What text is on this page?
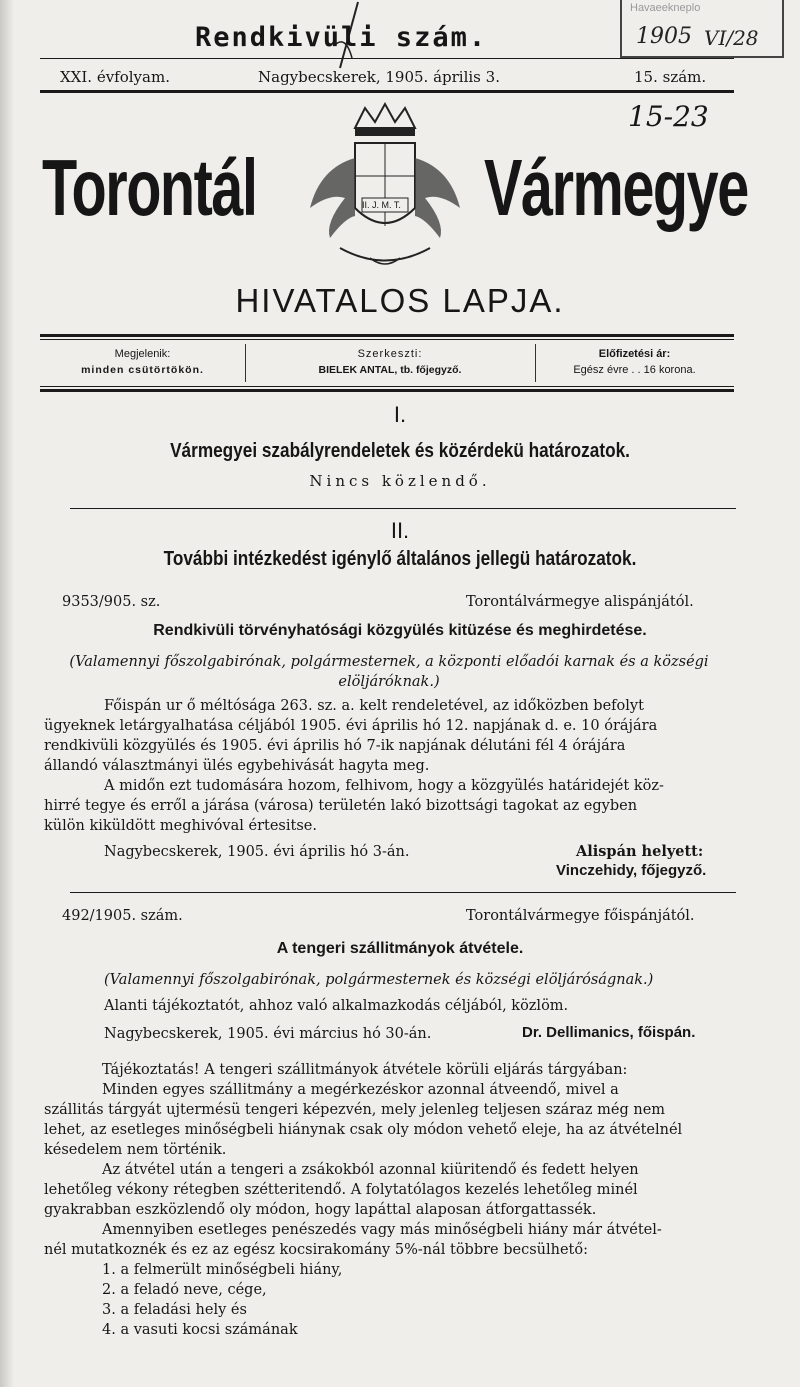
Rendkivüli szám.
Havaeekneplo
1905 VI/28
XXI. évfolyam.	Nagybecskerek, 1905. április 3.	15. szám.
15-23
Torontál	Vármegye
II. J. M. T.
HIVATALOS LAPJA.
Megjelenik:
minden csütörtökön.
Szerkeszti:
BIELEK ANTAL, tb. főjegyző.
Előfizetési ár:
Egész évre . . 16 korona.
I.
Vármegyei szabályrendeletek és közérdekü határozatok.
Nincs közlendő.
II.
További intézkedést igénylő általános jellegü határozatok.
9353/905. sz.	Torontálvármegye alispánjától.
Rendkivüli törvényhatósági közgyülés kitüzése és meghirdetése.
(Valamennyi főszolgabirónak, polgármesternek, a központi előadói karnak és a községi
elöljáróknak.)

Főispán ur ő méltósága 263. sz. a. kelt rendeletével, az időközben befolyt

ügyeknek letárgyalhatása céljából 1905. évi április hó 12. napjának d. e. 10 órájára

rendkivüli közgyülés és 1905. évi április hó 7-ik napjának délutáni fél 4 órájára

állandó választmányi ülés egybehivását hagyta meg.

A midőn ezt tudomására hozom, felhivom, hogy a közgyülés határidejét köz-

hirré tegye és erről a járása (városa) területén lakó bizottsági tagokat az egyben

külön kiküldött meghivóval értesitse.

Nagybecskerek, 1905. évi április hó 3-án.	Alispán helyett:
Vinczehidy, főjegyző.
492/1905. szám.	Torontálvármegye főispánjától.
A tengeri szállitmányok átvétele.
(Valamennyi főszolgabirónak, polgármesternek és községi elöljáróságnak.)
Alanti tájékoztatót, ahhoz való alkalmazkodás céljából, közlöm.
Nagybecskerek, 1905. évi március hó 30-án.	Dr. Dellimanics, főispán.

Tájékoztatás! A tengeri szállitmányok átvétele körüli eljárás tárgyában:

Minden egyes szállitmány a megérkezéskor azonnal átveendő, mivel a

szállitás tárgyát ujtermésü tengeri képezvén, mely jelenleg teljesen száraz még nem

lehet, az esetleges minőségbeli hiánynak csak oly módon vehető eleje, ha az átvételnél

késedelem nem történik.

Az átvétel után a tengeri a zsákokból azonnal kiüritendő és fedett helyen

lehetőleg vékony rétegben szétteritendő. A folytatólagos kezelés lehetőleg minél

gyakrabban eszközlendő oly módon, hogy lapáttal alaposan átforgattassék.

Amennyiben esetleges penészedés vagy más minőségbeli hiány már átvétel-

nél mutatkoznék és ez az egész kocsirakomány 5%-nál többre becsülhető:

1. a felmerült minőségbeli hiány,

2. a feladó neve, cége,

3. a feladási hely és

4. a vasuti kocsi számának
